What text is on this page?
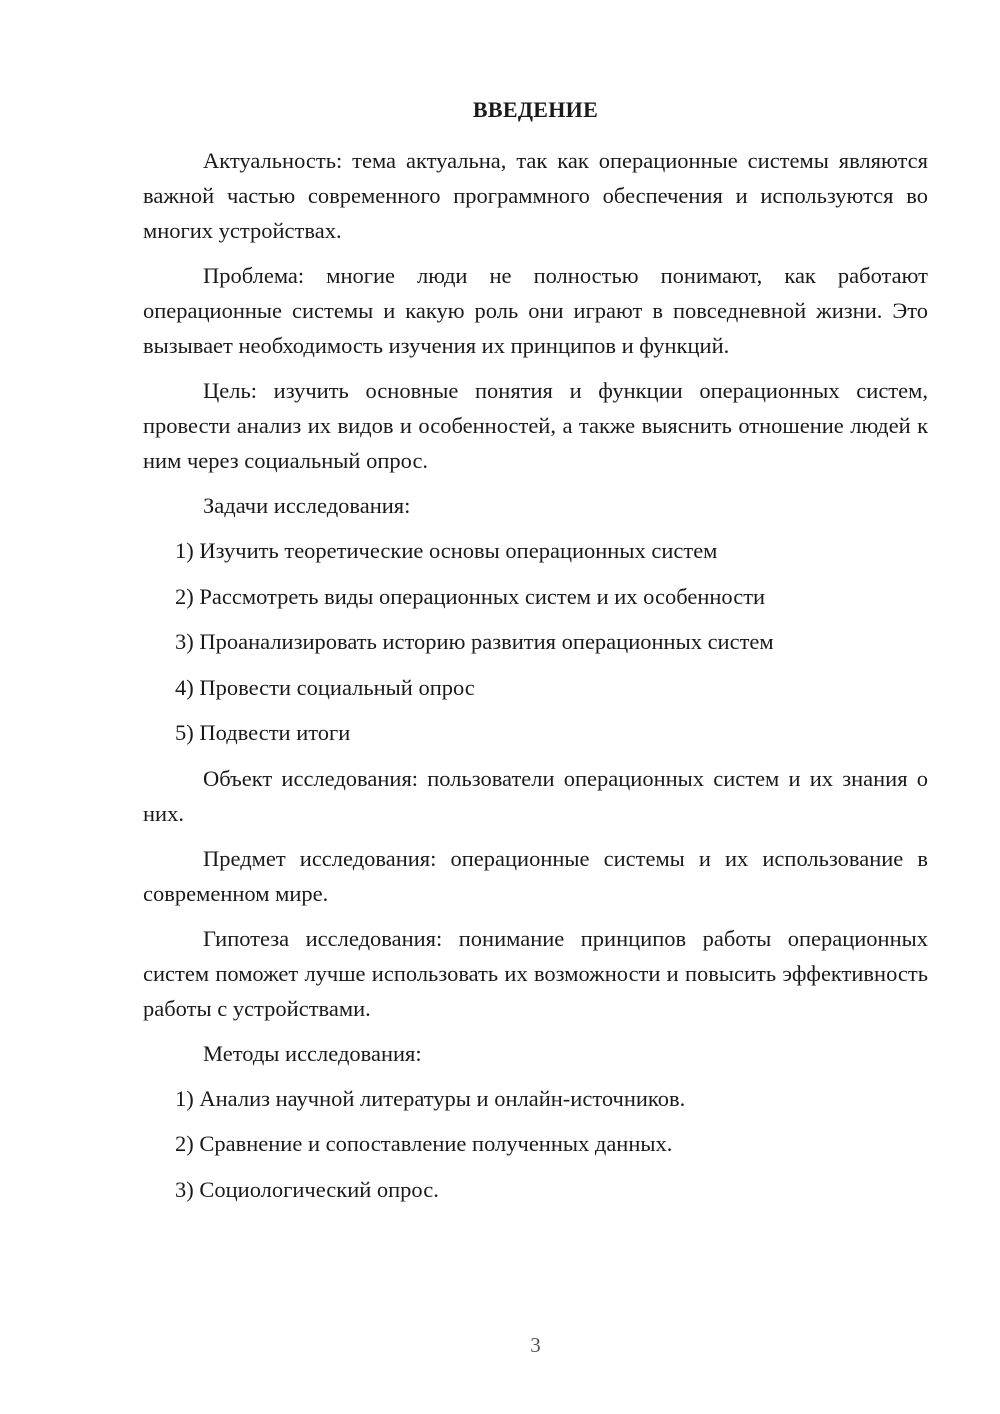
ВВЕДЕНИЕ

Актуальность: тема актуальна, так как операционные системы являются важной частью современного программного обеспечения и используются во многих устройствах.

Проблема: многие люди не полностью понимают, как работают операционные системы и какую роль они играют в повседневной жизни. Это вызывает необходимость изучения их принципов и функций.

Цель: изучить основные понятия и функции операционных систем, провести анализ их видов и особенностей, а также выяснить отношение людей к ним через социальный опрос.

Задачи исследования:

1) Изучить теоретические основы операционных систем
2) Рассмотреть виды операционных систем и их особенности
3) Проанализировать историю развития операционных систем
4) Провести социальный опрос
5) Подвести итоги

Объект исследования: пользователи операционных систем и их знания о них.

Предмет исследования: операционные системы и их использование в современном мире.

Гипотеза исследования: понимание принципов работы операционных систем поможет лучше использовать их возможности и повысить эффективность работы с устройствами.

Методы исследования:

1) Анализ научной литературы и онлайн-источников.
2) Сравнение и сопоставление полученных данных.
3) Социологический опрос.
3
